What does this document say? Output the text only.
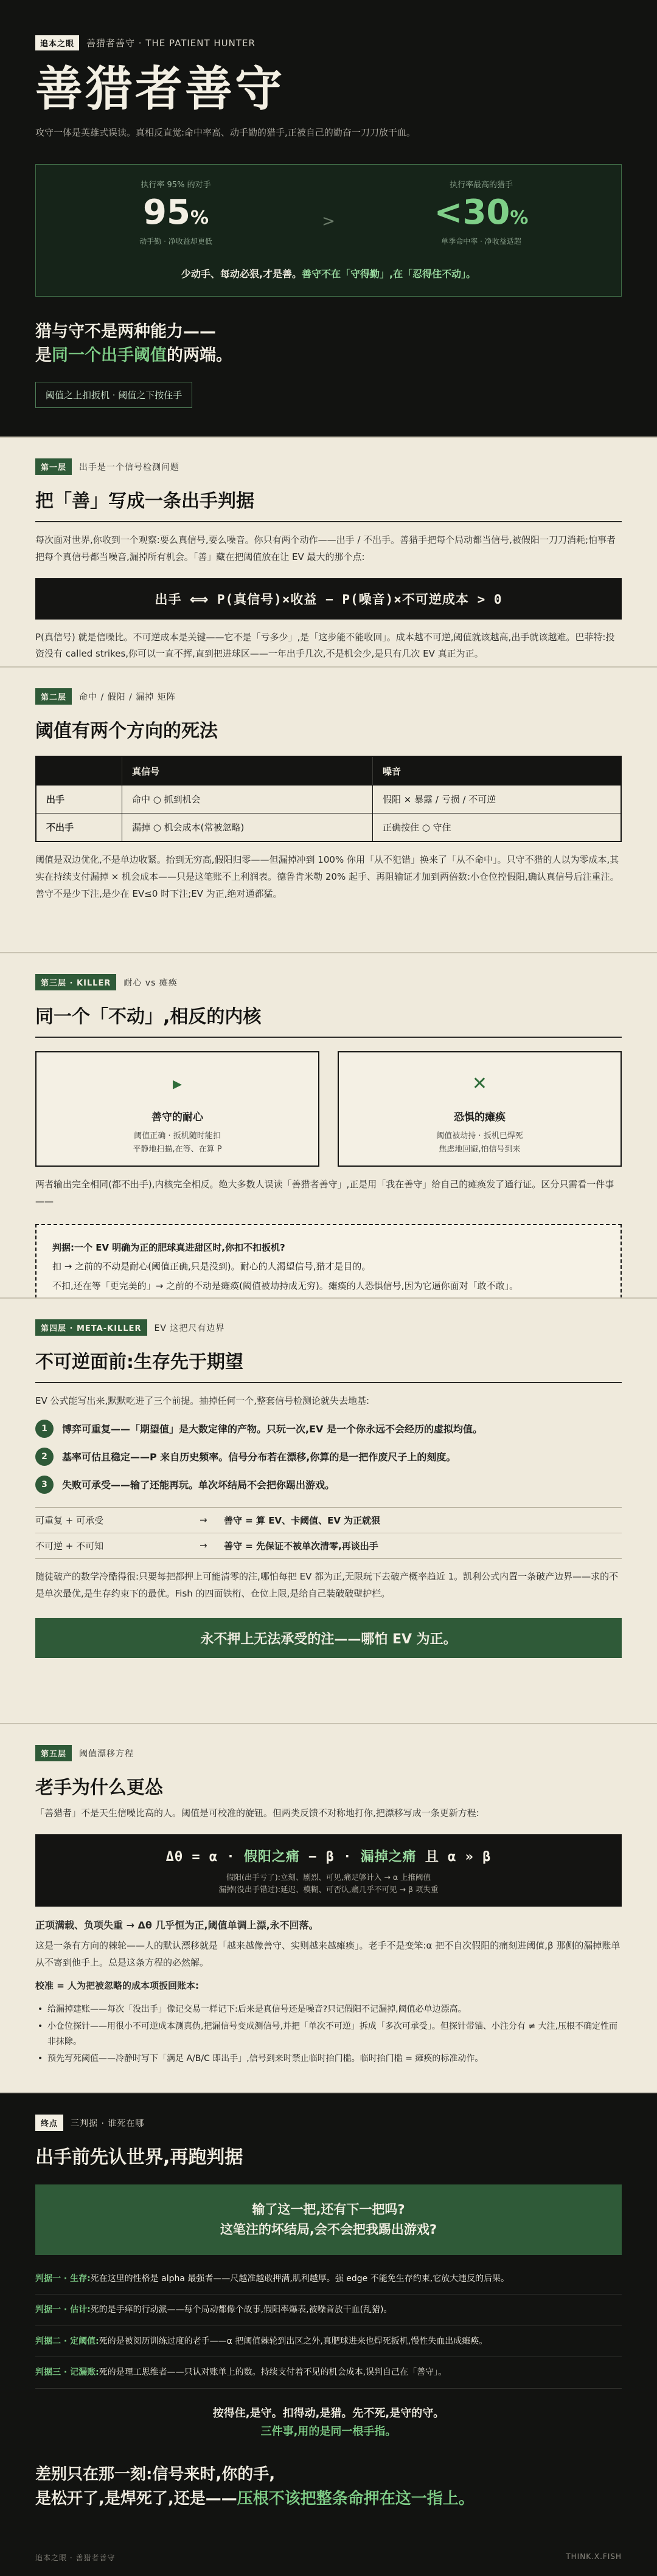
追本之眼	善猎者善守 · THE PATIENT HUNTER
善猎者善守

攻守一体是英雄式误读。真相反直觉:命中率高、动手勤的猎手,正被自己的勤奋一刀刀放干血。

执行率 95% 的对手
95%
动手勤 · 净收益却更低
>
执行率最高的猎手
<30%
单季命中率 · 净收益适超
少动手、每动必狠,才是善。善守不在「守得勤」,在「忍得住不动」。
猎与守不是两种能力——
是同一个出手阈值的两端。
阈值之上扣扳机 · 阈值之下按住手
第一层	出手是一个信号检测问题
把「善」写成一条出手判据

每次面对世界,你收到一个观察:要么真信号,要么噪音。你只有两个动作——出手 / 不出手。善猎手把每个局动都当信号,被假阳一刀刀消耗;怕事者把每个真信号都当噪音,漏掉所有机会。「善」藏在把阈值放在让 EV 最大的那个点:

出手 ⟺ P(真信号)×收益 − P(噪音)×不可逆成本 > 0

P(真信号) 就是信噪比。不可逆成本是关键——它不是「亏多少」,是「这步能不能收回」。成本越不可逆,阈值就该越高,出手就该越难。巴菲特:投资没有 called strikes,你可以一直不挥,直到把进球区——一年出手几次,不是机会少,是只有几次 EV 真正为正。

第二层	命中 / 假阳 / 漏掉 矩阵
阈值有两个方向的死法
真信号	噪音
出手	命中 ○ 抓到机会	假阳 × 暴露 / 亏损 / 不可逆
不出手	漏掉 ○ 机会成本(常被忽略)	正确按住 ○ 守住

阈值是双边优化,不是单边收紧。抬到无穷高,假阳归零——但漏掉冲到 100% 你用「从不犯错」换来了「从不命中」。只守不猎的人以为零成本,其实在持续支付漏掉 × 机会成本——只是这笔账不上利润表。德鲁肯米勒 20% 起手、再阻输证才加到两倍数:小仓位控假阳,确认真信号后注重注。善守不是少下注,是少在 EV≤0 时下注;EV 为正,绝对通都猛。

第三层 · KILLER	耐心 vs 瘫痪
同一个「不动」,相反的内核
▸
善守的耐心
阈值正确 · 扳机随时能扣
平静地扫描,在等、在算 P
✕
恐惧的瘫痪
阈值被劫持 · 扳机已焊死
焦虑地回避,怕信号到来

两者输出完全相同(都不出手),内核完全相反。绝大多数人误读「善猎者善守」,正是用「我在善守」给自己的瘫痪发了通行证。区分只需看一件事——

判据:一个 EV 明确为正的肥球真进甜区时,你扣不扣扳机?

扣 → 之前的不动是耐心(阈值正确,只是没到)。耐心的人渴望信号,猎才是目的。

不扣,还在等「更完美的」→ 之前的不动是瘫痪(阈值被劫持成无穷)。瘫痪的人恐惧信号,因为它逼你面对「敢不敢」。

第四层 · META-KILLER	EV 这把尺有边界
不可逆面前:生存先于期望

EV 公式能写出来,默默吃进了三个前提。抽掉任何一个,整套信号检测论就失去地基:

1	博弈可重复——「期望值」是大数定律的产物。只玩一次,EV 是一个你永远不会经历的虚拟均值。
2	基率可估且稳定——P 来自历史频率。信号分布若在漂移,你算的是一把作废尺子上的刻度。
3	失败可承受——输了还能再玩。单次坏结局不会把你踢出游戏。
可重复 + 可承受	→	善守 = 算 EV、卡阈值、EV 为正就狠
不可逆 + 不可知	→	善守 = 先保证不被单次清零,再谈出手

随徒破产的数学冷酷得很:只要每把都押上可能清零的注,哪怕每把 EV 都为正,无限玩下去破产概率趋近 1。凯利公式内置一条破产边界——求的不是单次最优,是生存约束下的最优。Fish 的四面铁桁、仓位上限,是给自己装破破壁护栏。

永不押上无法承受的注——哪怕 EV 为正。
第五层	阈值漂移方程
老手为什么更怂

「善猎者」不是天生信噪比高的人。阈值是可校准的旋钮。但两类反馈不对称地打你,把漂移写成一条更新方程:

Δθ = α · 假阳之痛 − β · 漏掉之痛 且 α » β
假阳(出手亏了):立刻、剧烈、可见,痛足够计入 → α 上推阈值
漏掉(没出手错过):延迟、模糊、可否认,痛几乎不可见 → β 项失重

正项满载、负项失重 → Δθ 几乎恒为正,阈值单调上漂,永不回落。

这是一条有方向的棘轮——人的默认漂移就是「越来越像善守、实则越来越瘫痪」。老手不是变笨:α 把不自次假阳的痛刻进阈值,β 那侧的漏掉账单从不寄到他手上。总是这条方程的必然解。

校准 = 人为把被忽略的成本项扳回账本:

• 给漏掉建账——每次「没出手」像记交易一样记下:后来是真信号还是噪音?只记假阳不记漏掉,阈值必单边漂高。
• 小仓位探针——用很小不可逆成本测真伪,把漏信号变成测信号,并把「单次不可逆」拆成「多次可承受」。但探针带锚、小注分有 ≠ 大注,压根不确定性而非抹除。
• 预先写死阈值——冷静时写下「满足 A/B/C 即出手」,信号到来时禁止临时抬门槛。临时抬门槛 = 瘫痪的标准动作。
终点	三判据 · 谁死在哪
出手前先认世界,再跑判据
输了这一把,还有下一把吗?
这笔注的坏结局,会不会把我踢出游戏?
判据一 · 生存:死在这里的性格是 alpha 最强者——尺越准越敢押满,肌利越厚。强 edge 不能免生存约束,它放大违反的后果。
判据一 · 估计:死的是手痒的行动派——每个局动都像个故事,假阳率爆表,被噪音放干血(乱猎)。
判据二 · 定阈值:死的是被阅历训练过度的老手——α 把阈值棘轮到出区之外,真肥球进来也焊死扳机,慢性失血出成瘫痪。
判据三 · 记漏账:死的是理工思维者——只认对账单上的数。持续支付着不见的机会成本,误判自己在「善守」。
按得住,是守。扣得动,是猎。先不死,是守的守。
三件事,用的是同一根手指。
差别只在那一刻:信号来时,你的手,
是松开了,是焊死了,还是——压根不该把整条命押在这一指上。
追本之眼 · 善猎者善守	THINK.X.FISH
